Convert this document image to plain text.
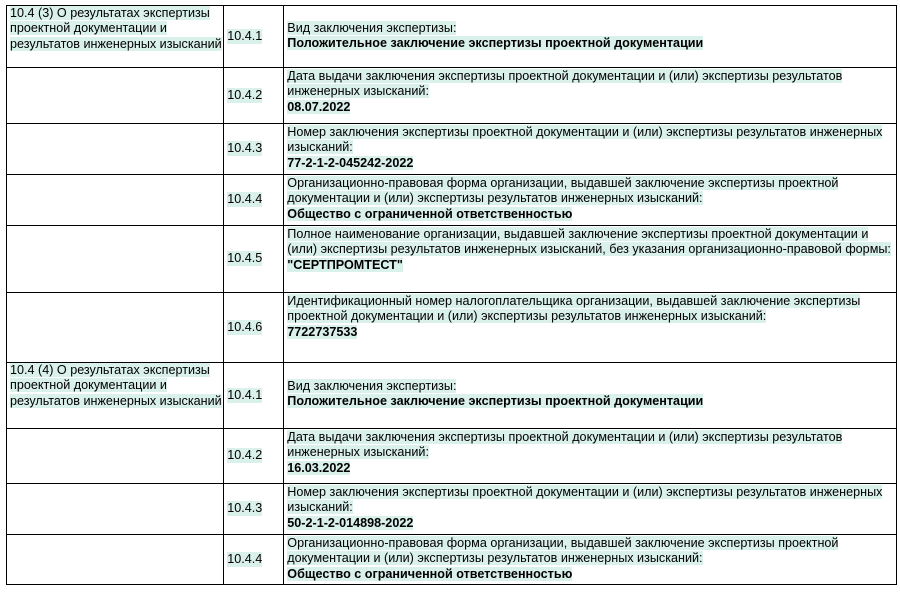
10.4 (3) О результатах экспертизы проектной документации и результатов инженерных изысканий	10.4.1	Вид заключения экспертизы:
Положительное заключение экспертизы проектной документации

	10.4.2	Дата выдачи заключения экспертизы проектной документации и (или) экспертизы результатов инженерных изысканий:
08.07.2022

	10.4.3	Номер заключения экспертизы проектной документации и (или) экспертизы результатов инженерных изысканий:
77-2-1-2-045242-2022

	10.4.4	Организационно-правовая форма организации, выдавшей заключение экспертизы проектной документации и (или) экспертизы результатов инженерных изысканий:
Общество с ограниченной ответственностью

	10.4.5	Полное наименование организации, выдавшей заключение экспертизы проектной документации и (или) экспертизы результатов инженерных изысканий, без указания организационно-правовой формы:
"СЕРТПРОМТЕСТ"

	10.4.6	Идентификационный номер налогоплательщика организации, выдавшей заключение экспертизы проектной документации и (или) экспертизы результатов инженерных изысканий:
7722737533

10.4 (4) О результатах экспертизы проектной документации и результатов инженерных изысканий	10.4.1	Вид заключения экспертизы:
Положительное заключение экспертизы проектной документации

	10.4.2	Дата выдачи заключения экспертизы проектной документации и (или) экспертизы результатов инженерных изысканий:
16.03.2022

	10.4.3	Номер заключения экспертизы проектной документации и (или) экспертизы результатов инженерных изысканий:
50-2-1-2-014898-2022

	10.4.4	Организационно-правовая форма организации, выдавшей заключение экспертизы проектной документации и (или) экспертизы результатов инженерных изысканий:
Общество с ограниченной ответственностью
